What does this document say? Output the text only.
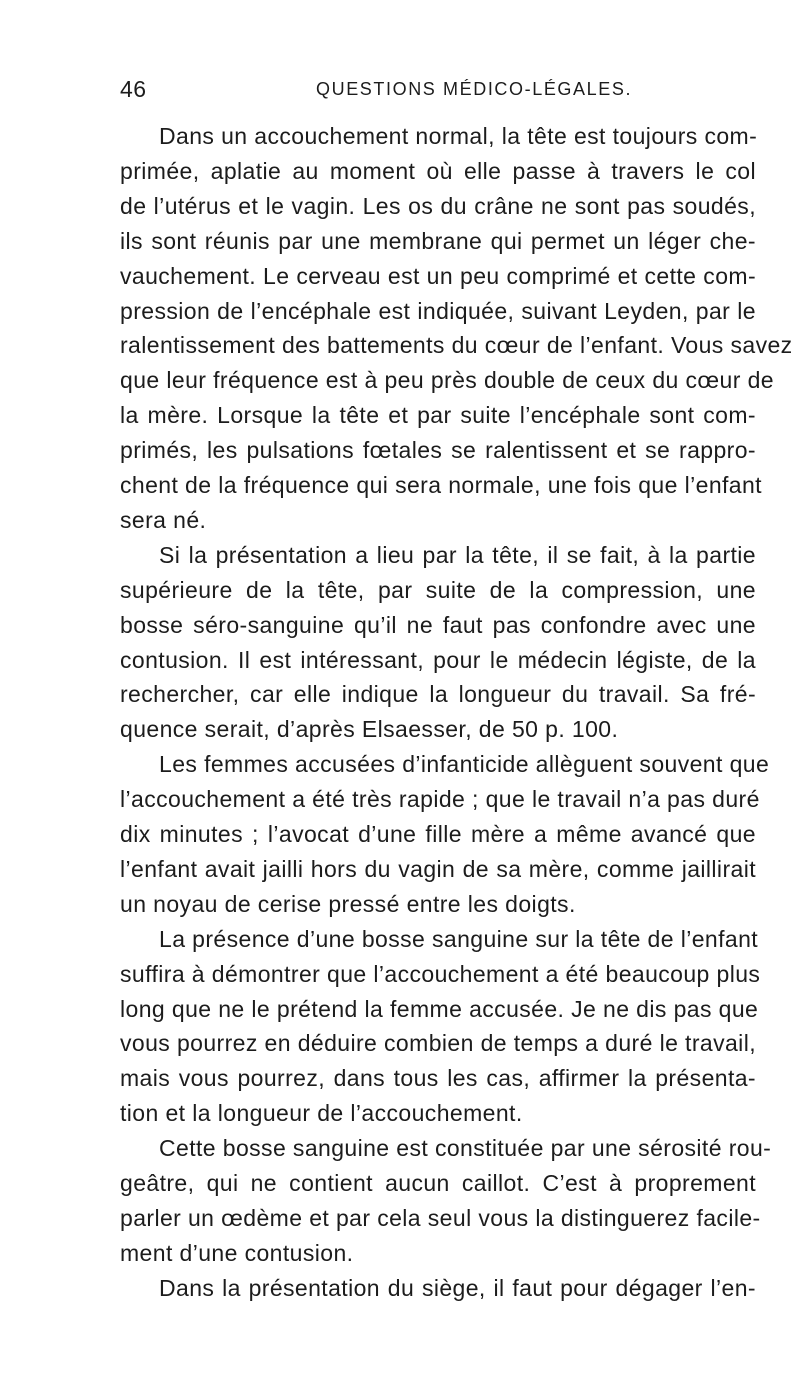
46	QUESTIONS MÉDICO-LÉGALES.
Dans un accouchement normal, la tête est toujours com-
primée, aplatie au moment où elle passe à travers le col
de l’utérus et le vagin. Les os du crâne ne sont pas soudés,
ils sont réunis par une membrane qui permet un léger che-
vauchement. Le cerveau est un peu comprimé et cette com-
pression de l’encéphale est indiquée, suivant Leyden, par le
ralentissement des battements du cœur de l’enfant. Vous savez
que leur fréquence est à peu près double de ceux du cœur de
la mère. Lorsque la tête et par suite l’encéphale sont com-
primés, les pulsations fœtales se ralentissent et se rappro-
chent de la fréquence qui sera normale, une fois que l’enfant
sera né.
Si la présentation a lieu par la tête, il se fait, à la partie
supérieure de la tête, par suite de la compression, une
bosse séro-sanguine qu’il ne faut pas confondre avec une
contusion. Il est intéressant, pour le médecin légiste, de la
rechercher, car elle indique la longueur du travail. Sa fré-
quence serait, d’après Elsaesser, de 50 p. 100.
Les femmes accusées d’infanticide allèguent souvent que
l’accouchement a été très rapide ; que le travail n’a pas duré
dix minutes ; l’avocat d’une fille mère a même avancé que
l’enfant avait jailli hors du vagin de sa mère, comme jaillirait
un noyau de cerise pressé entre les doigts.
La présence d’une bosse sanguine sur la tête de l’enfant
suffira à démontrer que l’accouchement a été beaucoup plus
long que ne le prétend la femme accusée. Je ne dis pas que
vous pourrez en déduire combien de temps a duré le travail,
mais vous pourrez, dans tous les cas, affirmer la présenta-
tion et la longueur de l’accouchement.
Cette bosse sanguine est constituée par une sérosité rou-
geâtre, qui ne contient aucun caillot. C’est à proprement
parler un œdème et par cela seul vous la distinguerez facile-
ment d’une contusion.
Dans la présentation du siège, il faut pour dégager l’en-
